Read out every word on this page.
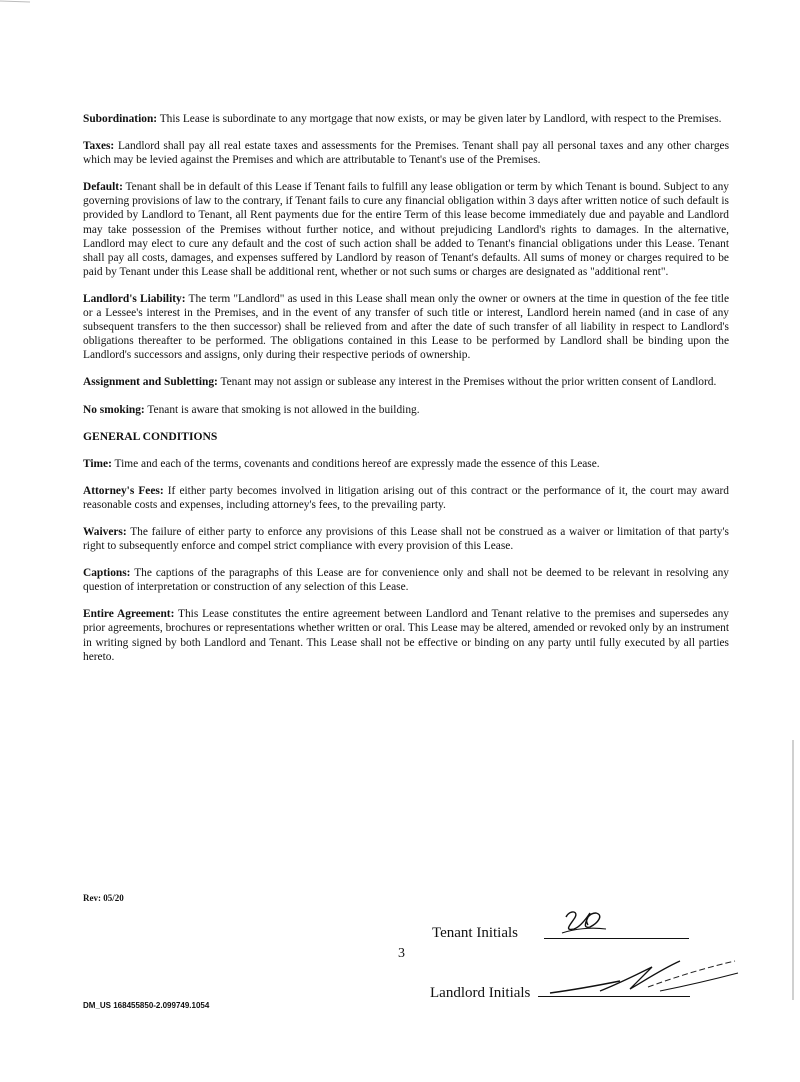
Subordination: This Lease is subordinate to any mortgage that now exists, or may be given later by Landlord, with respect to the Premises.

Taxes: Landlord shall pay all real estate taxes and assessments for the Premises. Tenant shall pay all personal taxes and any other charges which may be levied against the Premises and which are attributable to Tenant's use of the Premises.

Default: Tenant shall be in default of this Lease if Tenant fails to fulfill any lease obligation or term by which Tenant is bound. Subject to any governing provisions of law to the contrary, if Tenant fails to cure any financial obligation within 3 days after written notice of such default is provided by Landlord to Tenant, all Rent payments due for the entire Term of this lease become immediately due and payable and Landlord may take possession of the Premises without further notice, and without prejudicing Landlord's rights to damages. In the alternative, Landlord may elect to cure any default and the cost of such action shall be added to Tenant's financial obligations under this Lease. Tenant shall pay all costs, damages, and expenses suffered by Landlord by reason of Tenant's defaults. All sums of money or charges required to be paid by Tenant under this Lease shall be additional rent, whether or not such sums or charges are designated as "additional rent".

Landlord's Liability: The term "Landlord" as used in this Lease shall mean only the owner or owners at the time in question of the fee title or a Lessee's interest in the Premises, and in the event of any transfer of such title or interest, Landlord herein named (and in case of any subsequent transfers to the then successor) shall be relieved from and after the date of such transfer of all liability in respect to Landlord's obligations thereafter to be performed. The obligations contained in this Lease to be performed by Landlord shall be binding upon the Landlord's successors and assigns, only during their respective periods of ownership.

Assignment and Subletting: Tenant may not assign or sublease any interest in the Premises without the prior written consent of Landlord.

No smoking: Tenant is aware that smoking is not allowed in the building.

GENERAL CONDITIONS

Time: Time and each of the terms, covenants and conditions hereof are expressly made the essence of this Lease.

Attorney's Fees: If either party becomes involved in litigation arising out of this contract or the performance of it, the court may award reasonable costs and expenses, including attorney's fees, to the prevailing party.

Waivers: The failure of either party to enforce any provisions of this Lease shall not be construed as a waiver or limitation of that party's right to subsequently enforce and compel strict compliance with every provision of this Lease.

Captions: The captions of the paragraphs of this Lease are for convenience only and shall not be deemed to be relevant in resolving any question of interpretation or construction of any selection of this Lease.

Entire Agreement: This Lease constitutes the entire agreement between Landlord and Tenant relative to the premises and supersedes any prior agreements, brochures or representations whether written or oral. This Lease may be altered, amended or revoked only by an instrument in writing signed by both Landlord and Tenant. This Lease shall not be effective or binding on any party until fully executed by all parties hereto.

Rev: 05/20
Tenant Initials
3
Landlord Initials
DM_US 168455850-2.099749.1054
